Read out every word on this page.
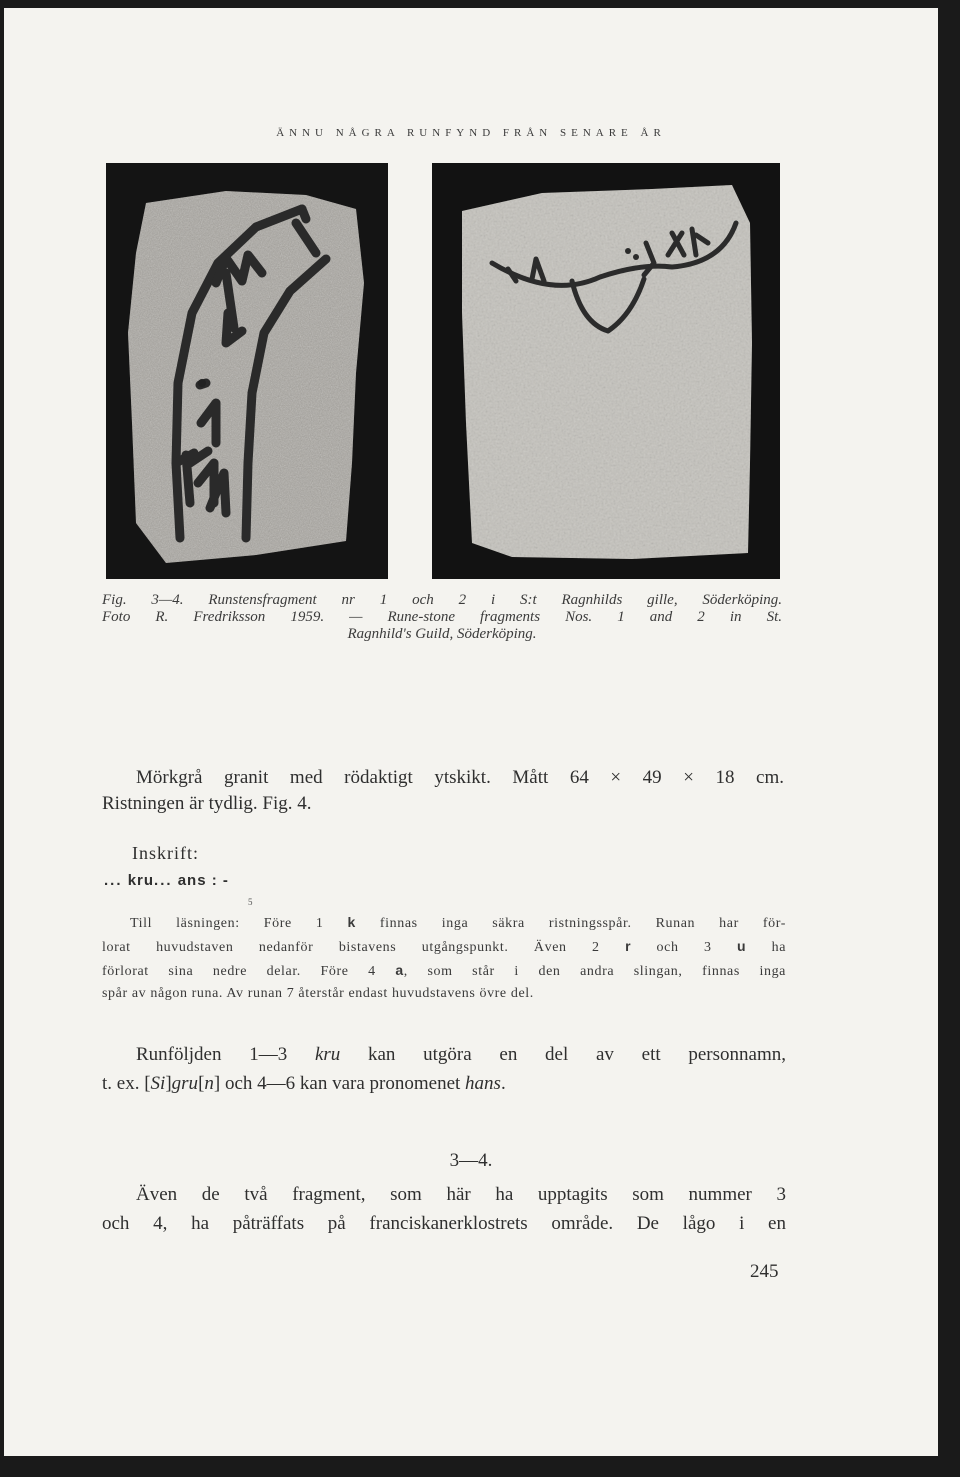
ÄNNU NÅGRA RUNFYND FRÅN SENARE ÅR
Fig. 3—4. Runstensfragment nr 1 och 2 i S:t Ragnhilds gille, Söderköping.
Foto R. Fredriksson 1959. — Rune-stone fragments Nos. 1 and 2 in St.
Ragnhild's Guild, Söderköping.
Mörkgrå granit med rödaktigt ytskikt. Mått 64 × 49 × 18 cm.
Ristningen är tydlig. Fig. 4.
Inskrift:
... kru... ans : -
5
Till läsningen: Före 1 k finnas inga säkra ristningsspår. Runan har för-
lorat huvudstaven nedanför bistavens utgångspunkt. Även 2 r och 3 u ha
förlorat sina nedre delar. Före 4 a, som står i den andra slingan, finnas inga
spår av någon runa. Av runan 7 återstår endast huvudstavens övre del.
Runföljden 1—3 kru kan utgöra en del av ett personnamn,
t. ex. [Si]gru[n] och 4—6 kan vara pronomenet hans.
3—4.
Även de två fragment, som här ha upptagits som nummer 3
och 4, ha påträffats på franciskanerklostrets område. De lågo i en
245
